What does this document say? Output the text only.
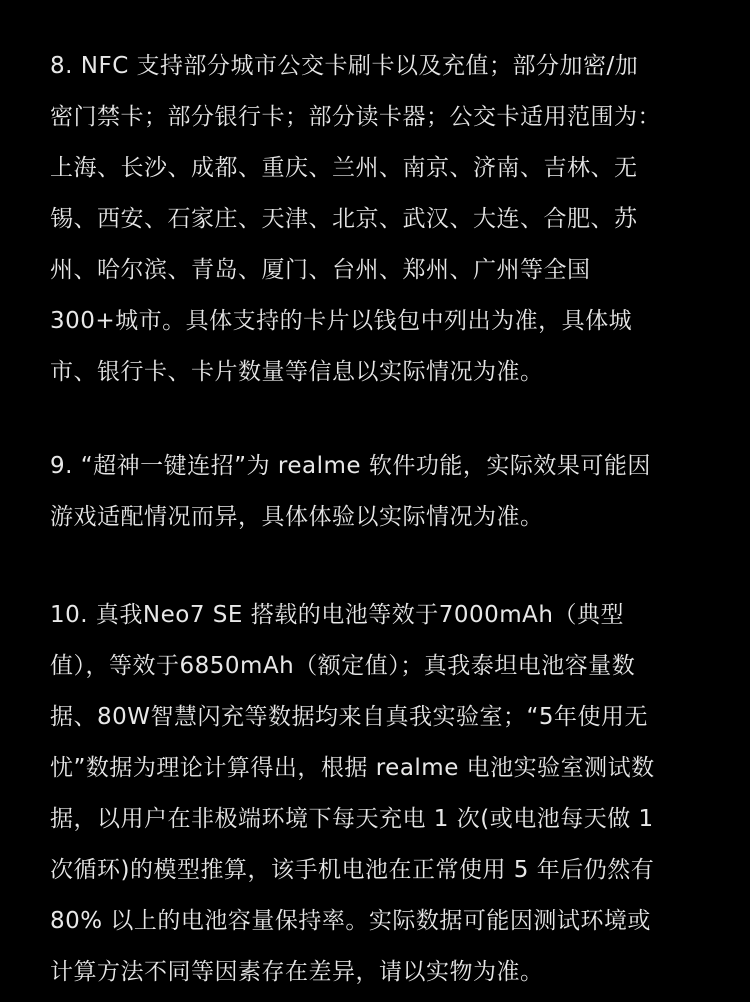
8. NFC 支持部分城市公交卡刷卡以及充值；部分加密/加
密门禁卡；部分银行卡；部分读卡器；公交卡适用范围为：
上海、长沙、成都、重庆、兰州、南京、济南、吉林、无
锡、西安、石家庄、天津、北京、武汉、大连、合肥、苏
州、哈尔滨、青岛、厦门、台州、郑州、广州等全国
300+城市。具体支持的卡片以钱包中列出为准，具体城
市、银行卡、卡片数量等信息以实际情况为准。
9. “超神一键连招”为 realme 软件功能，实际效果可能因
游戏适配情况而异，具体体验以实际情况为准。
10. 真我Neo7 SE 搭载的电池等效于7000mAh（典型
值），等效于6850mAh（额定值）；真我泰坦电池容量数
据、80W智慧闪充等数据均来自真我实验室；“5年使用无
忧”数据为理论计算得出，根据 realme 电池实验室测试数
据，以用户在非极端环境下每天充电 1 次(或电池每天做 1
次循环)的模型推算，该手机电池在正常使用 5 年后仍然有
80% 以上的电池容量保持率。实际数据可能因测试环境或
计算方法不同等因素存在差异，请以实物为准。
